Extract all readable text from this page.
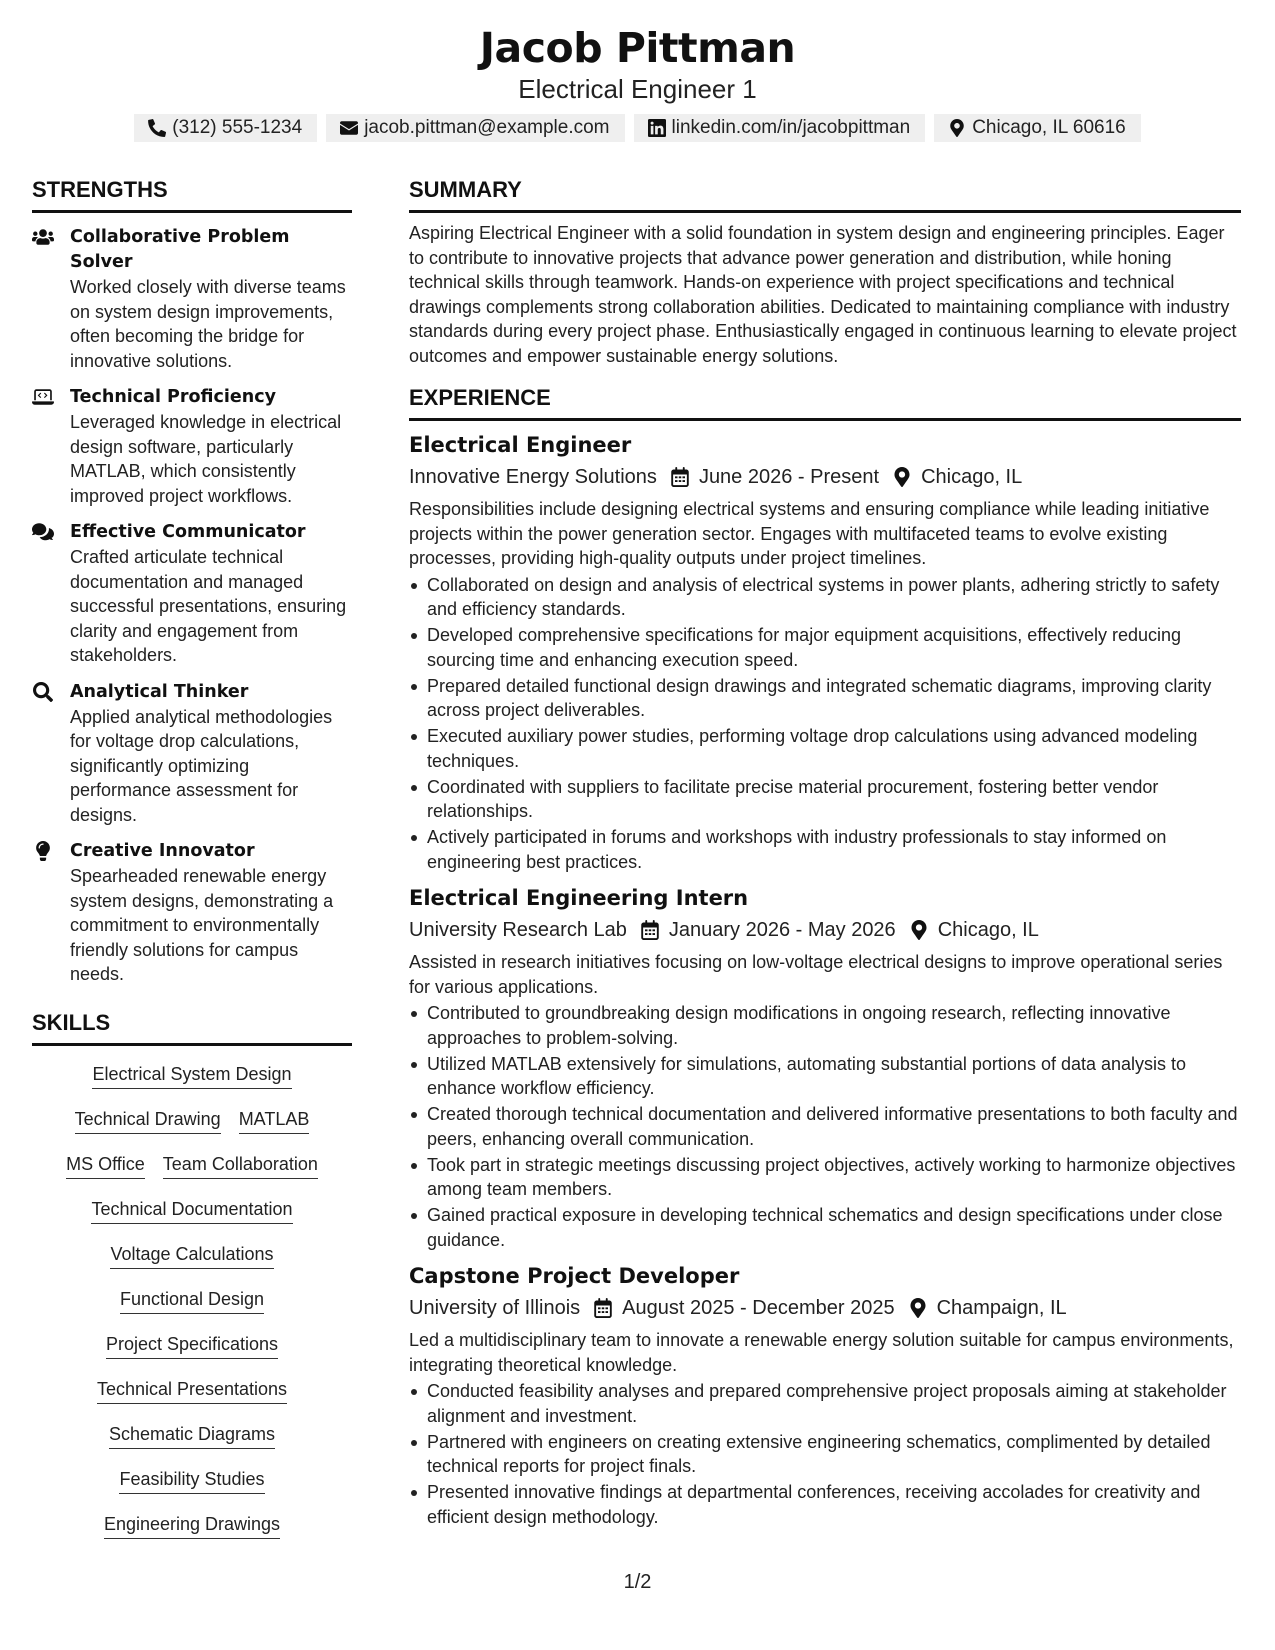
Jacob Pittman
Electrical Engineer 1
(312) 555-1234	jacob.pittman@example.com	linkedin.com/in/jacobpittman	Chicago, IL 60616
STRENGTHS
Collaborative Problem Solver
Worked closely with diverse teams on system design improvements, often becoming the bridge for innovative solutions.
Technical Proficiency
Leveraged knowledge in electrical design software, particularly MATLAB, which consistently improved project workflows.
Effective Communicator
Crafted articulate technical documentation and managed successful presentations, ensuring clarity and engagement from stakeholders.
Analytical Thinker
Applied analytical methodologies for voltage drop calculations, significantly optimizing performance assessment for designs.
Creative Innovator
Spearheaded renewable energy system designs, demonstrating a commitment to environmentally friendly solutions for campus needs.
SKILLS
Electrical System Design
Technical Drawing MATLAB
MS Office Team Collaboration
Technical Documentation
Voltage Calculations
Functional Design
Project Specifications
Technical Presentations
Schematic Diagrams
Feasibility Studies
Engineering Drawings
SUMMARY
Aspiring Electrical Engineer with a solid foundation in system design and engineering principles. Eager to contribute to innovative projects that advance power generation and distribution, while honing technical skills through teamwork. Hands-on experience with project specifications and technical drawings complements strong collaboration abilities. Dedicated to maintaining compliance with industry standards during every project phase. Enthusiastically engaged in continuous learning to elevate project outcomes and empower sustainable energy solutions.
EXPERIENCE
Electrical Engineer
Innovative Energy Solutions June 2026 - Present Chicago, IL
Responsibilities include designing electrical systems and ensuring compliance while leading initiative projects within the power generation sector. Engages with multifaceted teams to evolve existing processes, providing high-quality outputs under project timelines.
Collaborated on design and analysis of electrical systems in power plants, adhering strictly to safety and efficiency standards.
Developed comprehensive specifications for major equipment acquisitions, effectively reducing sourcing time and enhancing execution speed.
Prepared detailed functional design drawings and integrated schematic diagrams, improving clarity across project deliverables.
Executed auxiliary power studies, performing voltage drop calculations using advanced modeling techniques.
Coordinated with suppliers to facilitate precise material procurement, fostering better vendor relationships.
Actively participated in forums and workshops with industry professionals to stay informed on engineering best practices.
Electrical Engineering Intern
University Research Lab January 2026 - May 2026 Chicago, IL
Assisted in research initiatives focusing on low-voltage electrical designs to improve operational series for various applications.
Contributed to groundbreaking design modifications in ongoing research, reflecting innovative approaches to problem-solving.
Utilized MATLAB extensively for simulations, automating substantial portions of data analysis to enhance workflow efficiency.
Created thorough technical documentation and delivered informative presentations to both faculty and peers, enhancing overall communication.
Took part in strategic meetings discussing project objectives, actively working to harmonize objectives among team members.
Gained practical exposure in developing technical schematics and design specifications under close guidance.
Capstone Project Developer
University of Illinois August 2025 - December 2025 Champaign, IL
Led a multidisciplinary team to innovate a renewable energy solution suitable for campus environments, integrating theoretical knowledge.
Conducted feasibility analyses and prepared comprehensive project proposals aiming at stakeholder alignment and investment.
Partnered with engineers on creating extensive engineering schematics, complimented by detailed technical reports for project finals.
Presented innovative findings at departmental conferences, receiving accolades for creativity and efficient design methodology.
1/2
